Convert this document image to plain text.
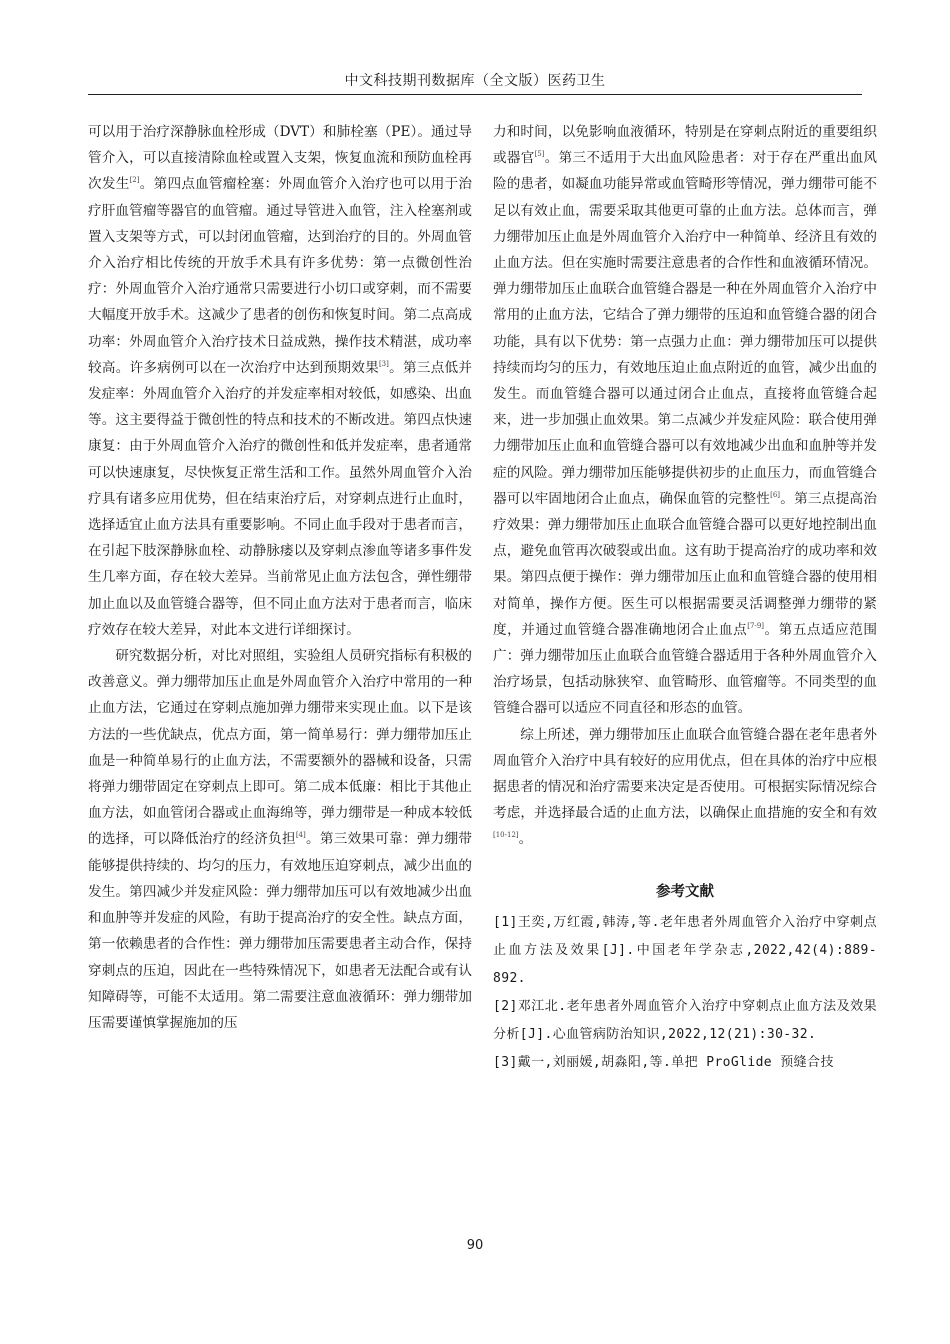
中文科技期刊数据库（全文版）医药卫生

可以用于治疗深静脉血栓形成（DVT）和肺栓塞（PE）。通过导管介入，可以直接清除血栓或置入支架，恢复血流和预防血栓再次发生[2]。第四点血管瘤栓塞：外周血管介入治疗也可以用于治疗肝血管瘤等器官的血管瘤。通过导管进入血管，注入栓塞剂或置入支架等方式，可以封闭血管瘤，达到治疗的目的。外周血管介入治疗相比传统的开放手术具有许多优势：第一点微创性治疗：外周血管介入治疗通常只需要进行小切口或穿刺，而不需要大幅度开放手术。这减少了患者的创伤和恢复时间。第二点高成功率：外周血管介入治疗技术日益成熟，操作技术精湛，成功率较高。许多病例可以在一次治疗中达到预期效果[3]。第三点低并发症率：外周血管介入治疗的并发症率相对较低，如感染、出血等。这主要得益于微创性的特点和技术的不断改进。第四点快速康复：由于外周血管介入治疗的微创性和低并发症率，患者通常可以快速康复，尽快恢复正常生活和工作。虽然外周血管介入治疗具有诸多应用优势，但在结束治疗后，对穿刺点进行止血时，选择适宜止血方法具有重要影响。不同止血手段对于患者而言，在引起下肢深静脉血栓、动静脉瘘以及穿刺点渗血等诸多事件发生几率方面，存在较大差异。当前常见止血方法包含，弹性绷带加止血以及血管缝合器等，但不同止血方法对于患者而言，临床疗效存在较大差异，对此本文进行详细探讨。

研究数据分析，对比对照组，实验组人员研究指标有积极的改善意义。弹力绷带加压止血是外周血管介入治疗中常用的一种止血方法，它通过在穿刺点施加弹力绷带来实现止血。以下是该方法的一些优缺点，优点方面，第一简单易行：弹力绷带加压止血是一种简单易行的止血方法，不需要额外的器械和设备，只需将弹力绷带固定在穿刺点上即可。第二成本低廉：相比于其他止血方法，如血管闭合器或止血海绵等，弹力绷带是一种成本较低的选择，可以降低治疗的经济负担[4]。第三效果可靠：弹力绷带能够提供持续的、均匀的压力，有效地压迫穿刺点，减少出血的发生。第四减少并发症风险：弹力绷带加压可以有效地减少出血和血肿等并发症的风险，有助于提高治疗的安全性。缺点方面，第一依赖患者的合作性：弹力绷带加压需要患者主动合作，保持穿刺点的压迫，因此在一些特殊情况下，如患者无法配合或有认知障碍等，可能不太适用。第二需要注意血液循环：弹力绷带加压需要谨慎掌握施加的压

力和时间，以免影响血液循环，特别是在穿刺点附近的重要组织或器官[5]。第三不适用于大出血风险患者：对于存在严重出血风险的患者，如凝血功能异常或血管畸形等情况，弹力绷带可能不足以有效止血，需要采取其他更可靠的止血方法。总体而言，弹力绷带加压止血是外周血管介入治疗中一种简单、经济且有效的止血方法。但在实施时需要注意患者的合作性和血液循环情况。弹力绷带加压止血联合血管缝合器是一种在外周血管介入治疗中常用的止血方法，它结合了弹力绷带的压迫和血管缝合器的闭合功能，具有以下优势：第一点强力止血：弹力绷带加压可以提供持续而均匀的压力，有效地压迫止血点附近的血管，减少出血的发生。而血管缝合器可以通过闭合止血点，直接将血管缝合起来，进一步加强止血效果。第二点减少并发症风险：联合使用弹力绷带加压止血和血管缝合器可以有效地减少出血和血肿等并发症的风险。弹力绷带加压能够提供初步的止血压力，而血管缝合器可以牢固地闭合止血点，确保血管的完整性[6]。第三点提高治疗效果：弹力绷带加压止血联合血管缝合器可以更好地控制出血点，避免血管再次破裂或出血。这有助于提高治疗的成功率和效果。第四点便于操作：弹力绷带加压止血和血管缝合器的使用相对简单，操作方便。医生可以根据需要灵活调整弹力绷带的紧度，并通过血管缝合器准确地闭合止血点[7-9]。第五点适应范围广：弹力绷带加压止血联合血管缝合器适用于各种外周血管介入治疗场景，包括动脉狭窄、血管畸形、血管瘤等。不同类型的血管缝合器可以适应不同直径和形态的血管。

综上所述，弹力绷带加压止血联合血管缝合器在老年患者外周血管介入治疗中具有较好的应用优点，但在具体的治疗中应根据患者的情况和治疗需要来决定是否使用。可根据实际情况综合考虑，并选择最合适的止血方法，以确保止血措施的安全和有效[10-12]。

参考文献

[1]王奕,万红霞,韩涛,等.老年患者外周血管介入治疗中穿刺点止血方法及效果[J].中国老年学杂志,2022,42(4):889-892.

[2]邓江北.老年患者外周血管介入治疗中穿刺点止血方法及效果分析[J].心血管病防治知识,2022,12(21):30-32.

[3]戴一,刘丽媛,胡淼阳,等.单把 ProGlide 预缝合技

90
